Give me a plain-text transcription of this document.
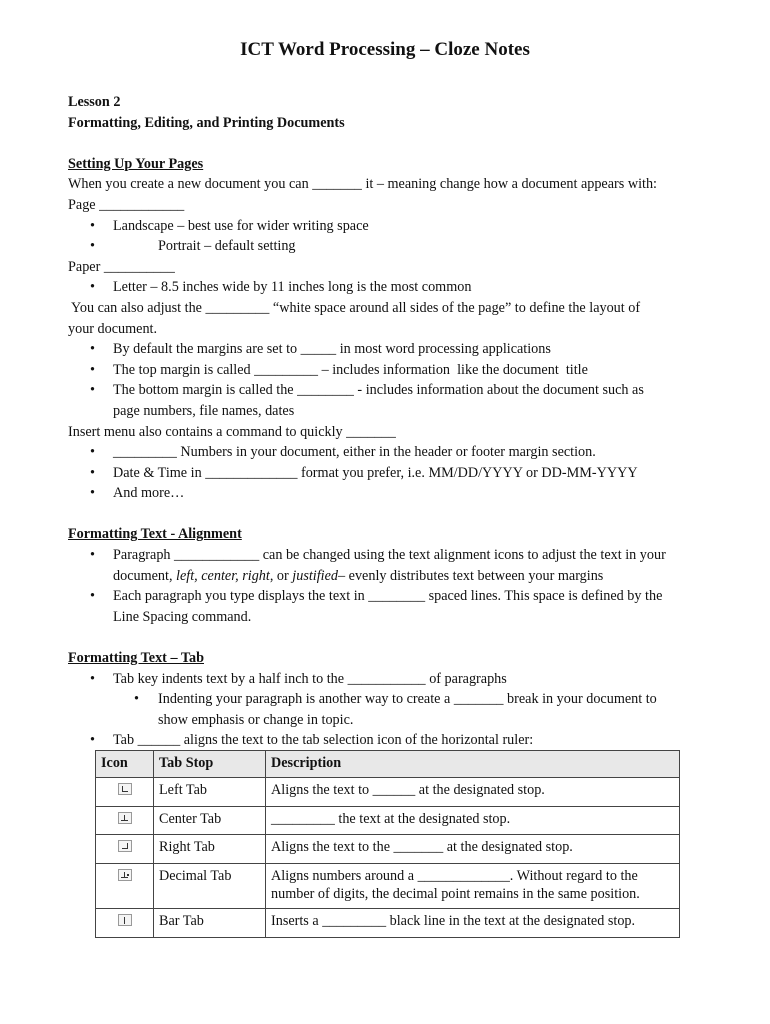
ICT Word Processing – Cloze Notes
Lesson 2
Formatting, Editing, and Printing Documents
Setting Up Your Pages
When you create a new document you can _______ it – meaning change how a document appears with:
Page ____________
• Landscape – best use for wider writing space
• Portrait – default setting
Paper __________
• Letter – 8.5 inches wide by 11 inches long is the most common
You can also adjust the _________ “white space around all sides of the page” to define the layout of
your document.
• By default the margins are set to _____ in most word processing applications
• The top margin is called _________ – includes information  like the document  title
• The bottom margin is called the ________ - includes information about the document such as
page numbers, file names, dates
Insert menu also contains a command to quickly _______
• _________ Numbers in your document, either in the header or footer margin section.
• Date & Time in _____________ format you prefer, i.e. MM/DD/YYYY or DD-MM-YYYY
• And more…
Formatting Text - Alignment
• Paragraph ____________ can be changed using the text alignment icons to adjust the text in your
document, left, center, right, or justified– evenly distributes text between your margins
• Each paragraph you type displays the text in ________ spaced lines. This space is defined by the
Line Spacing command.
Formatting Text – Tab
• Tab key indents text by a half inch to the ___________ of paragraphs
• Indenting your paragraph is another way to create a _______ break in your document to
show emphasis or change in topic.
• Tab ______ aligns the text to the tab selection icon of the horizontal ruler:
Icon	Tab Stop	Description

	Left Tab	Aligns the text to ______ at the designated stop.

	Center Tab	_________ the text at the designated stop.

	Right Tab	Aligns the text to the _______ at the designated stop.

	Decimal Tab	Aligns numbers around a _____________. Without regard to the number of digits, the decimal point remains in the same position.

	Bar Tab	Inserts a _________ black line in the text at the designated stop.
